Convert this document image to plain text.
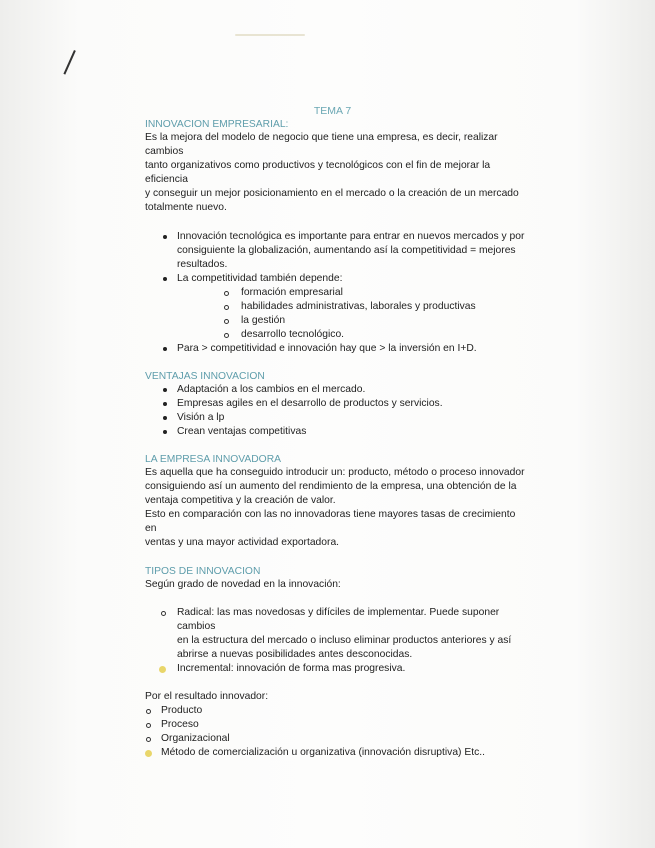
TEMA 7
INNOVACION EMPRESARIAL:

Es la mejora del modelo de negocio que tiene una empresa, es decir, realizar cambios

tanto organizativos como productivos y tecnológicos con el fin de mejorar la eficiencia

y conseguir un mejor posicionamiento en el mercado o la creación de un mercado

totalmente nuevo.

Innovación tecnológica es importante para entrar en nuevos mercados y por
consiguiente la globalización, aumentando así la competitividad = mejores
resultados.
La competitividad también depende:
formación empresarial
habilidades administrativas, laborales y productivas
la gestión
desarrollo tecnológico.
Para > competitividad e innovación hay que > la inversión en I+D.
VENTAJAS INNOVACION
Adaptación a los cambios en el mercado.
Empresas agiles en el desarrollo de productos y servicios.
Visión a lp
Crean ventajas competitivas
LA EMPRESA INNOVADORA

Es aquella que ha conseguido introducir un: producto, método o proceso innovador

consiguiendo así un aumento del rendimiento de la empresa, una obtención de la

ventaja competitiva y la creación de valor.

Esto en comparación con las no innovadoras tiene mayores tasas de crecimiento en

ventas y una mayor actividad exportadora.

TIPOS DE INNOVACION

Según grado de novedad en la innovación:

Radical: las mas novedosas y difíciles de implementar. Puede suponer cambios
en la estructura del mercado o incluso eliminar productos anteriores y así
abrirse a nuevas posibilidades antes desconocidas.
Incremental: innovación de forma mas progresiva.

Por el resultado innovador:

Producto
Proceso
Organizacional
Método de comercialización u organizativa (innovación disruptiva) Etc..
